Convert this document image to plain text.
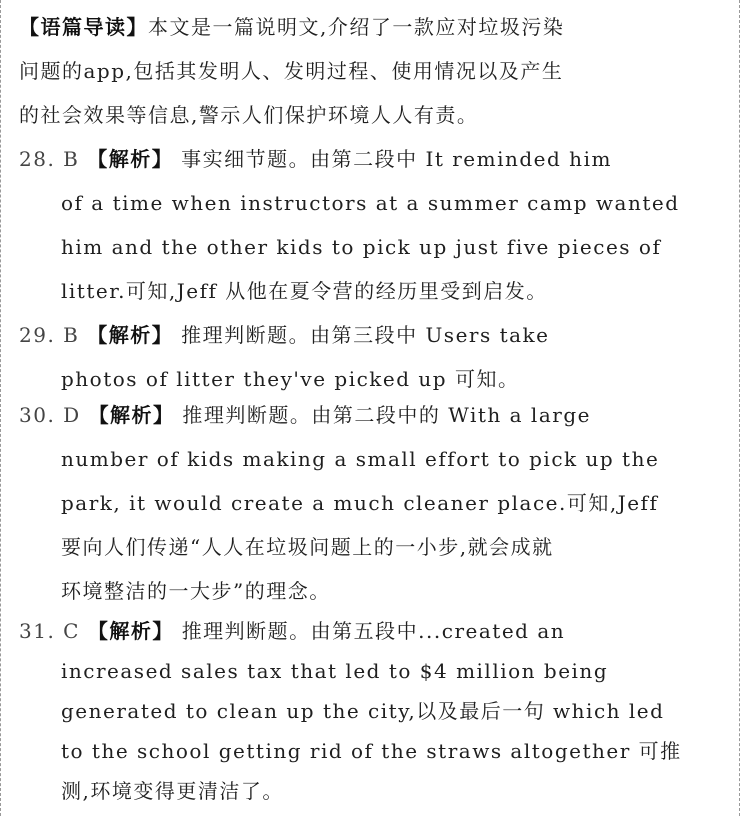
【语篇导读】本文是一篇说明文,介绍了一款应对垃圾污染
问题的app,包括其发明人、发明过程、使用情况以及产生
的社会效果等信息,警示人们保护环境人人有责。
28. B 【解析】 事实细节题。由第二段中 It reminded him
of a time when instructors at a summer camp wanted
him and the other kids to pick up just five pieces of
litter.可知,Jeff 从他在夏令营的经历里受到启发。
29. B 【解析】 推理判断题。由第三段中 Users take
photos of litter they've picked up 可知。
30. D 【解析】 推理判断题。由第二段中的 With a large
number of kids making a small effort to pick up the
park, it would create a much cleaner place.可知,Jeff
要向人们传递“人人在垃圾问题上的一小步,就会成就
环境整洁的一大步”的理念。
31. C 【解析】 推理判断题。由第五段中...created an
increased sales tax that led to $4 million being
generated to clean up the city,以及最后一句 which led
to the school getting rid of the straws altogether 可推
测,环境变得更清洁了。
